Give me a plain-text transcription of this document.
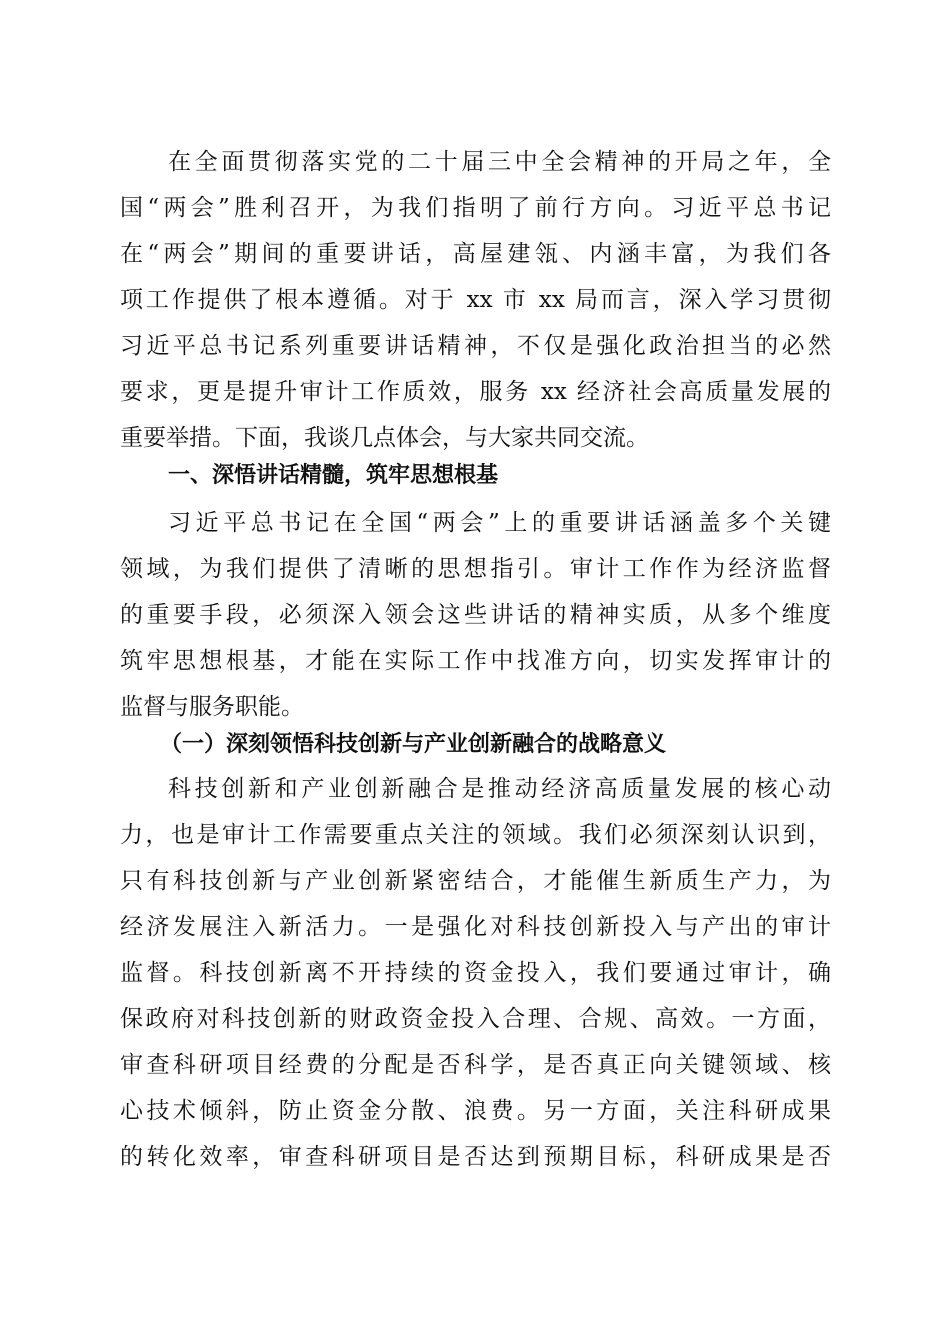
在全面贯彻落实党的二十届三中全会精神的开局之年，全
国“两会”胜利召开，为我们指明了前行方向。习近平总书记
在“两会”期间的重要讲话，高屋建瓴、内涵丰富，为我们各
项工作提供了根本遵循。对于 xx 市 xx 局而言，深入学习贯彻
习近平总书记系列重要讲话精神，不仅是强化政治担当的必然
要求，更是提升审计工作质效，服务 xx 经济社会高质量发展的
重要举措。下面，我谈几点体会，与大家共同交流。
一、深悟讲话精髓，筑牢思想根基
习近平总书记在全国“两会”上的重要讲话涵盖多个关键
领域，为我们提供了清晰的思想指引。审计工作作为经济监督
的重要手段，必须深入领会这些讲话的精神实质，从多个维度
筑牢思想根基，才能在实际工作中找准方向，切实发挥审计的
监督与服务职能。
（一）深刻领悟科技创新与产业创新融合的战略意义
科技创新和产业创新融合是推动经济高质量发展的核心动
力，也是审计工作需要重点关注的领域。我们必须深刻认识到，
只有科技创新与产业创新紧密结合，才能催生新质生产力，为
经济发展注入新活力。一是强化对科技创新投入与产出的审计
监督。科技创新离不开持续的资金投入，我们要通过审计，确
保政府对科技创新的财政资金投入合理、合规、高效。一方面，
审查科研项目经费的分配是否科学，是否真正向关键领域、核
心技术倾斜，防止资金分散、浪费。另一方面，关注科研成果
的转化效率，审查科研项目是否达到预期目标，科研成果是否
